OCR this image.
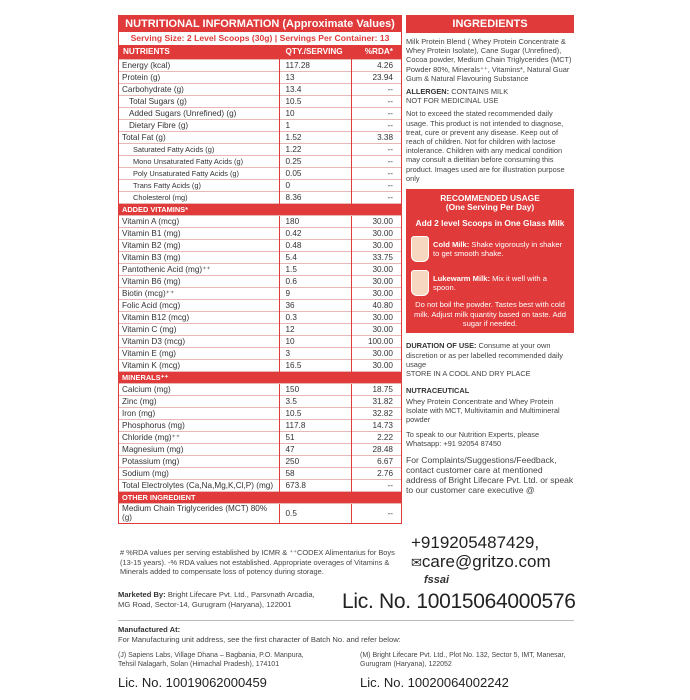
NUTRITIONAL INFORMATION (Approximate Values)
Serving Size: 2 Level Scoops (30g) | Servings Per Container: 13
NUTRIENTS	QTY./SERVING	%RDA*
Energy (kcal)	117.28	4.26
Protein (g)	13	23.94
Carbohydrate (g)	13.4	--
Total Sugars (g)	10.5	--
Added Sugars (Unrefined) (g)	10	--
Dietary Fibre (g)	1	--
Total Fat (g)	1.52	3.38
Saturated Fatty Acids (g)	1.22	--
Mono Unsaturated Fatty Acids (g)	0.25	--
Poly Unsaturated Fatty Acids (g)	0.05	--
Trans Fatty Acids (g)	0	--
Cholesterol (mg)	8.36	--
ADDED VITAMINS*		
Vitamin A (mcg)	180	30.00
Vitamin B1 (mg)	0.42	30.00
Vitamin B2 (mg)	0.48	30.00
Vitamin B3 (mg)	5.4	33.75
Pantothenic Acid (mg)⁺⁺	1.5	30.00
Vitamin B6 (mg)	0.6	30.00
Biotin (mcg)⁺⁺	9	30.00
Folic Acid (mcg)	36	40.80
Vitamin B12 (mcg)	0.3	30.00
Vitamin C (mg)	12	30.00
Vitamin D3 (mcg)	10	100.00
Vitamin E (mg)	3	30.00
Vitamin K (mcg)	16.5	30.00
MINERALS⁺⁺		
Calcium (mg)	150	18.75
Zinc (mg)	3.5	31.82
Iron (mg)	10.5	32.82
Phosphorus (mg)	117.8	14.73
Chloride (mg)⁺⁺	51	2.22
Magnesium (mg)	47	28.48
Potassium (mg)	250	6.67
Sodium (mg)	58	2.76
Total Electrolytes (Ca,Na,Mg,K,Cl,P) (mg)	673.8	--
OTHER INGREDIENT		
Medium Chain Triglycerides (MCT) 80% (g)	0.5	--
# %RDA values per serving established by ICMR & ⁺⁺CODEX Alimentarius for Boys (13-15 years). -% RDA values not established. Appropriate overages of Vitamins & Minerals added to compensate loss of potency during storage.
INGREDIENTS
Milk Protein Blend ( Whey Protein Concentrate & Whey Protein Isolate), Cane Sugar (Unrefined), Cocoa powder, Medium Chain Triglycerides (MCT) Powder 80%, Minerals⁺⁺, Vitamins*, Natural Guar Gum & Natural Flavouring Substance
ALLERGEN: CONTAINS MILK
NOT FOR MEDICINAL USE
Not to exceed the stated recommended daily usage. This product is not intended to diagnose, treat, cure or prevent any disease. Keep out of reach of children. Not for children with lactose intolerance. Children with any medical condition may consult a dietitian before consuming this product. Images used are for illustration purpose only
RECOMMENDED USAGE
(One Serving Per Day)
Add 2 level Scoops in One Glass Milk
Cold Milk: Shake vigorously in shaker to get smooth shake.
Lukewarm Milk: Mix it well with a spoon.
Do not boil the powder. Tastes best with cold milk. Adjust milk quantity based on taste. Add sugar if needed.
DURATION OF USE: Consume at your own discretion or as per labelled recommended daily usage
STORE IN A COOL AND DRY PLACE
NUTRACEUTICAL
Whey Protein Concentrate and Whey Protein Isolate with MCT, Multivitamin and Multimineral powder
To speak to our Nutrition Experts, please Whatsapp: +91 92054 87450
For Complaints/Suggestions/Feedback, contact customer care at mentioned address of Bright Lifecare Pvt. Ltd. or speak to our customer care executive @
+919205487429,
✉care@gritzo.com
fssai
Lic. No. 10015064000576
Marketed By: Bright Lifecare Pvt. Ltd., Parsvnath Arcadia, MG Road, Sector-14, Gurugram (Haryana), 122001
Manufactured At:
For Manufacturing unit address, see the first character of Batch No. and refer below:
(J) Sapiens Labs, Village Dhana – Bagbania, P.O. Manpura, Tehsil Nalagarh, Solan (Himachal Pradesh), 174101
Lic. No. 10019062000459
(M) Bright Lifecare Pvt. Ltd., Plot No. 132, Sector 5, IMT, Manesar, Gurugram (Haryana), 122052
Lic. No. 10020064002242
